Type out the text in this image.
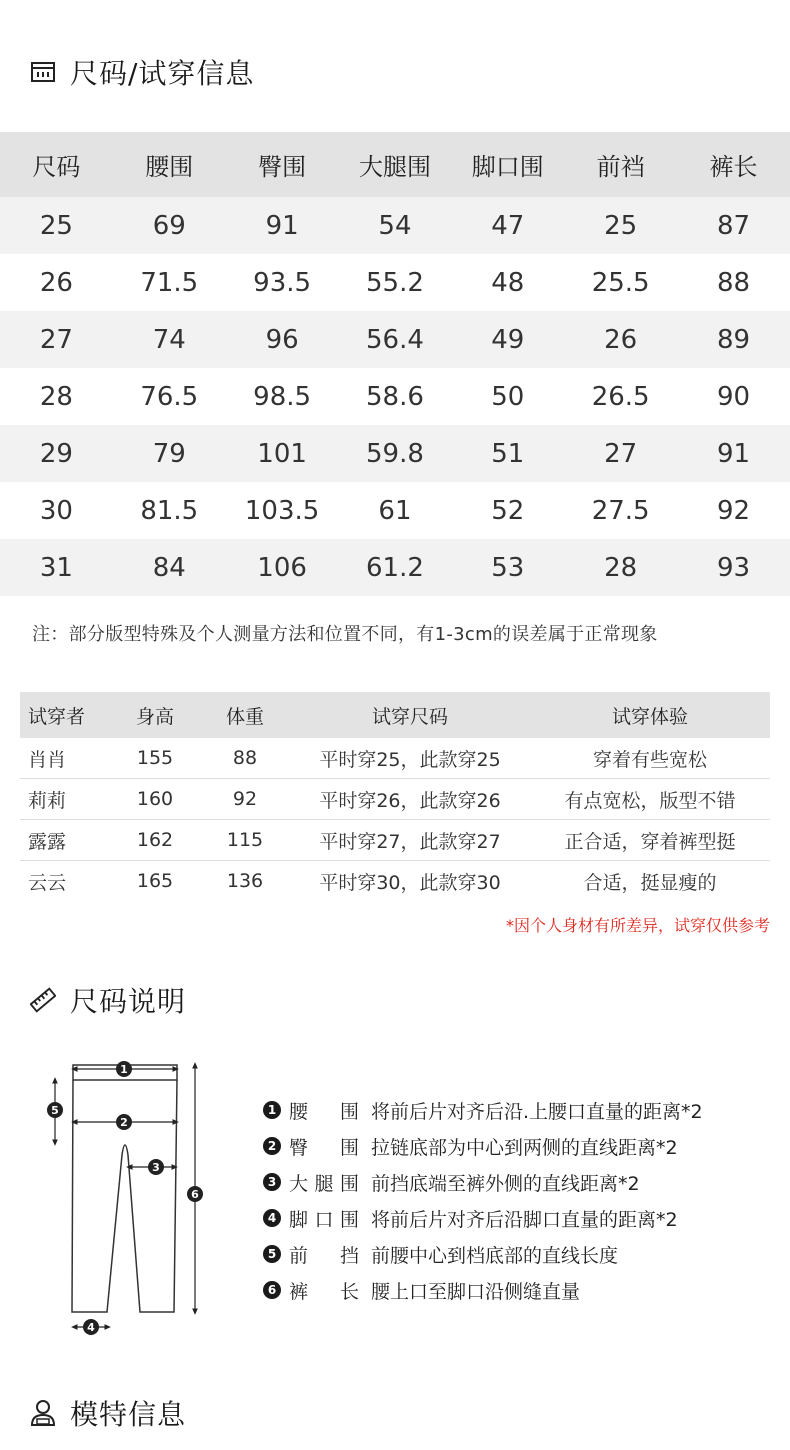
尺码/试穿信息
尺码	腰围	臀围	大腿围	脚口围	前裆	裤长
25	69	91	54	47	25	87
26	71.5	93.5	55.2	48	25.5	88
27	74	96	56.4	49	26	89
28	76.5	98.5	58.6	50	26.5	90
29	79	101	59.8	51	27	91
30	81.5	103.5	61	52	27.5	92
31	84	106	61.2	53	28	93
注：部分版型特殊及个人测量方法和位置不同，有1-3cm的误差属于正常现象
试穿者	身高	体重	试穿尺码	试穿体验
肖肖	155	88	平时穿25，此款穿25	穿着有些宽松
莉莉	160	92	平时穿26，此款穿26	有点宽松，版型不错
露露	162	115	平时穿27，此款穿27	正合适，穿着裤型挺
云云	165	136	平时穿30，此款穿30	合适，挺显瘦的
*因个人身材有所差异，试穿仅供参考
尺码说明
1
2
3
4
5
6
1 腰围 将前后片对齐后沿.上腰口直量的距离*2
2 臀围 拉链底部为中心到两侧的直线距离*2
3 大腿围 前挡底端至裤外侧的直线距离*2
4 脚口围 将前后片对齐后沿脚口直量的距离*2
5 前挡 前腰中心到档底部的直线长度
6 裤长 腰上口至脚口沿侧缝直量
模特信息
